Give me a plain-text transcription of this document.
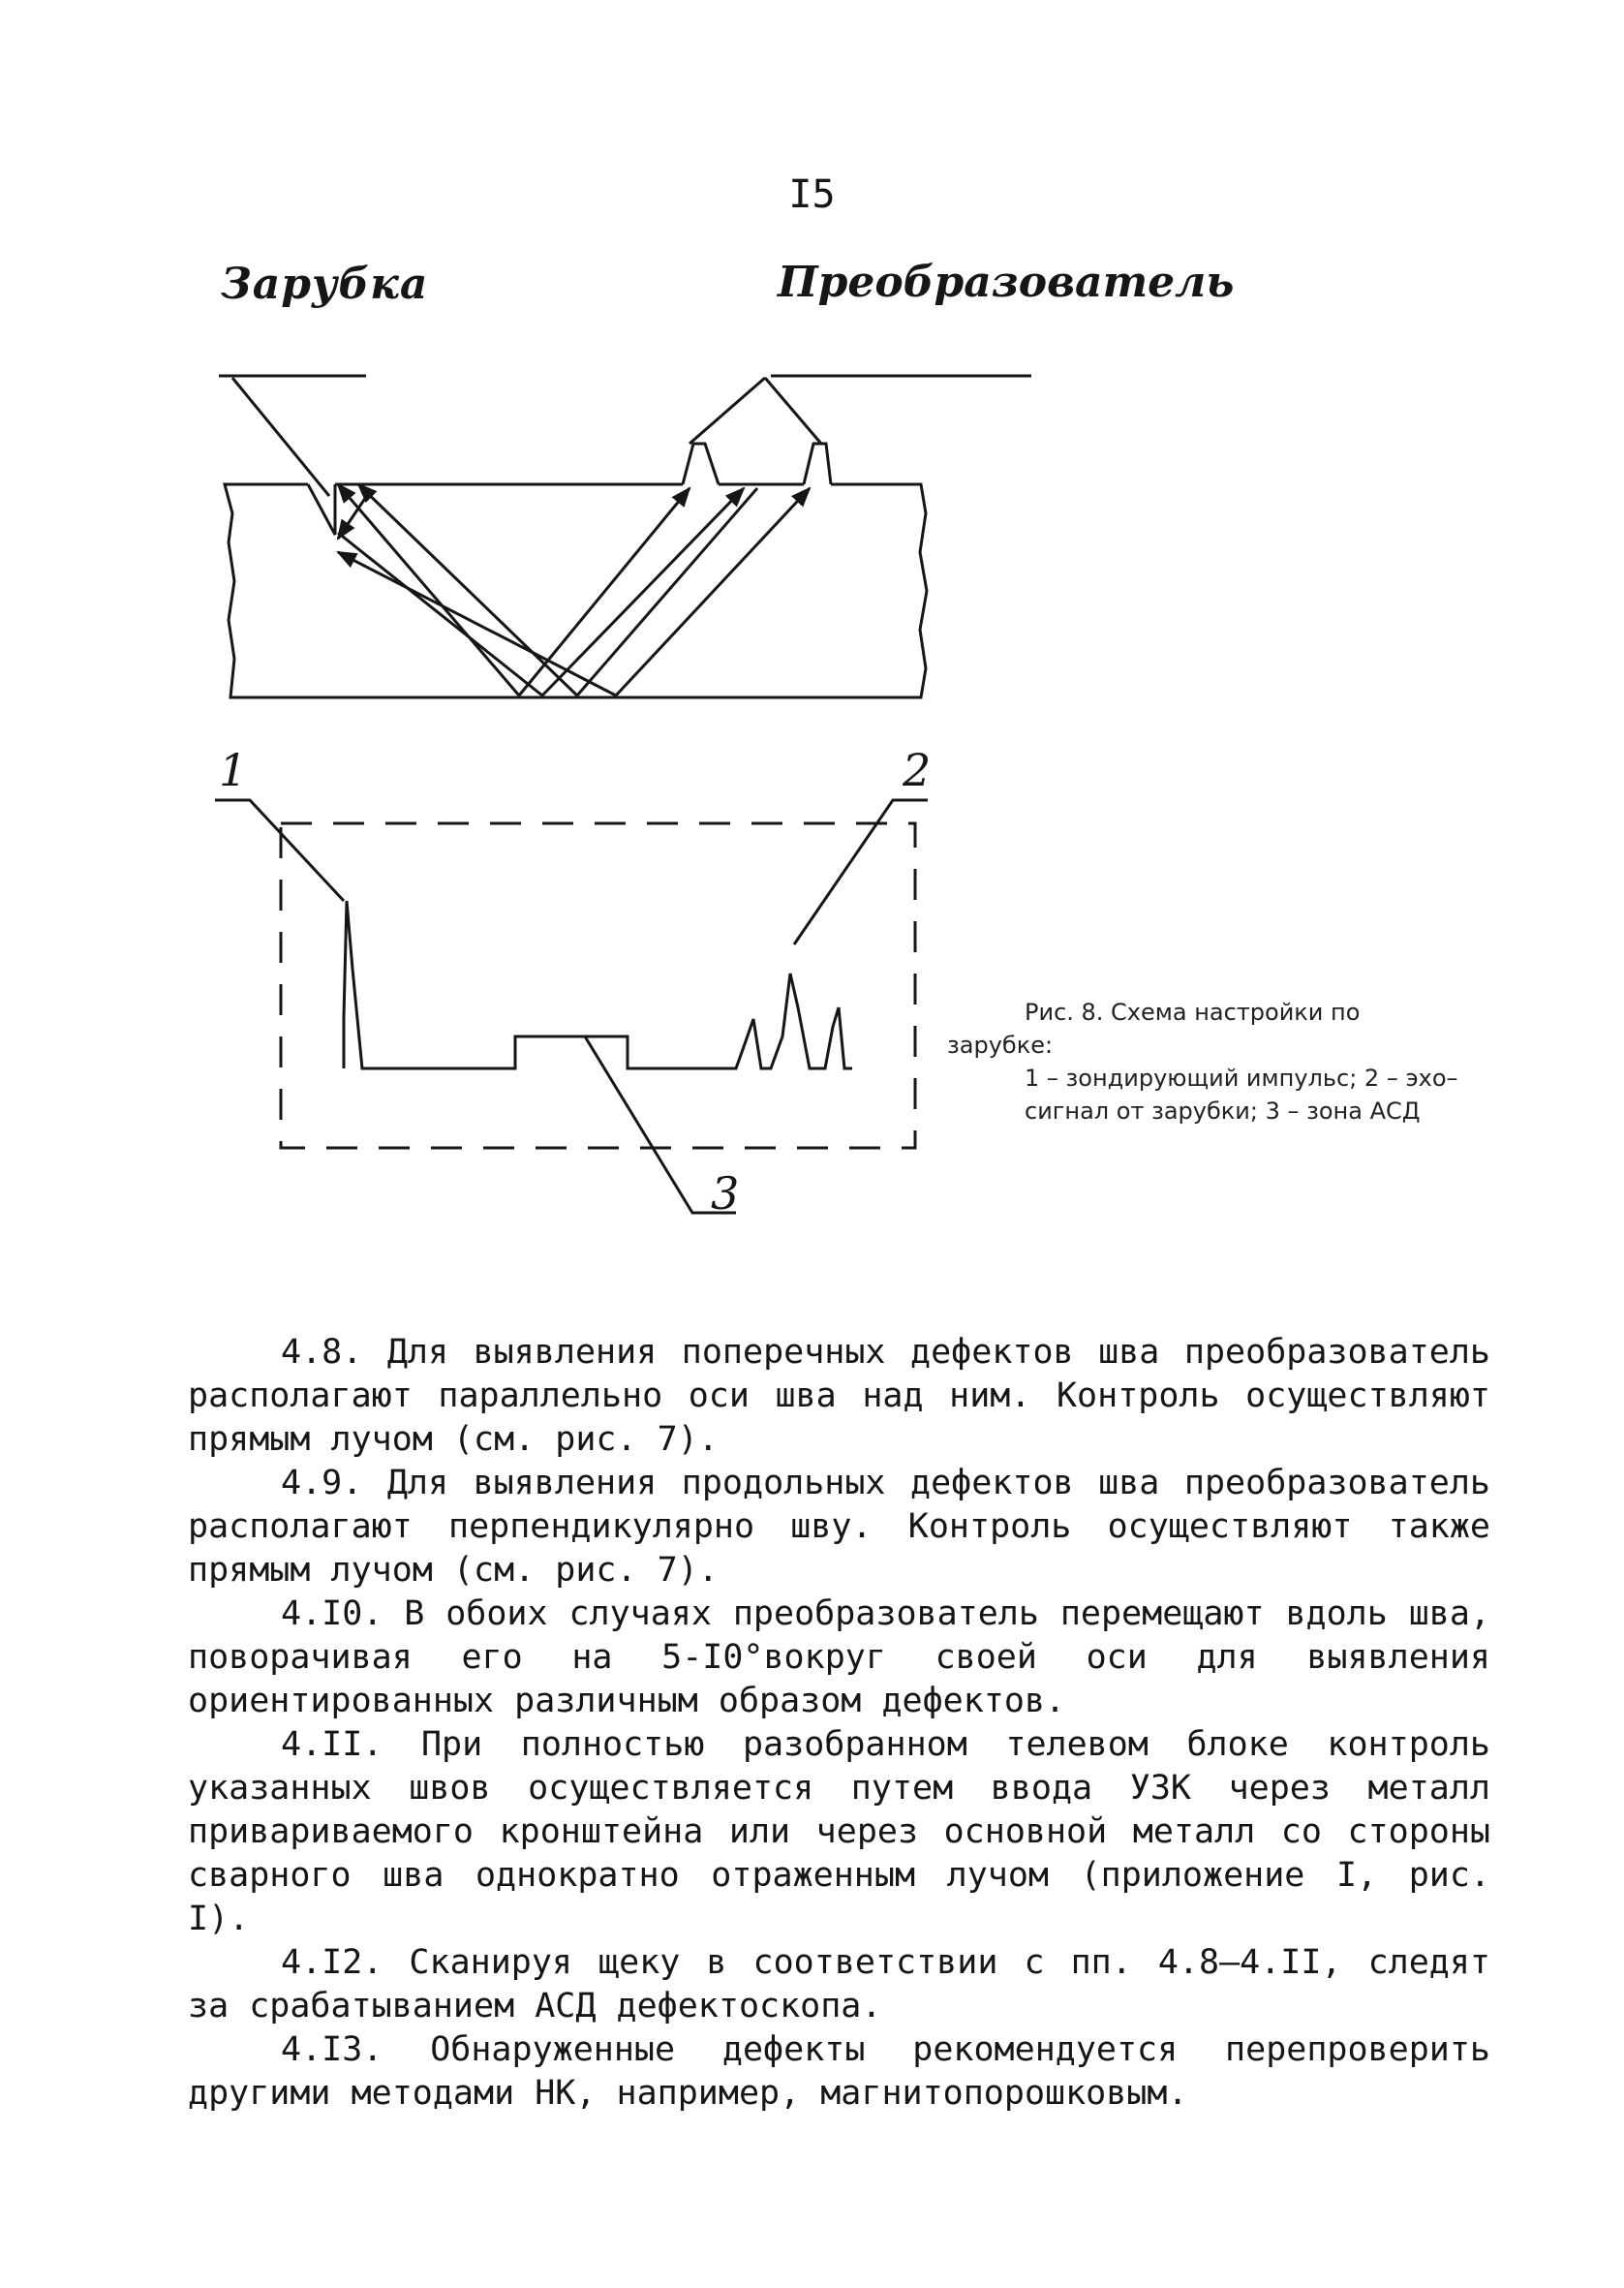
I5
Зарубка	Преобразователь
1	2
3
Рис. 8. Схема настройки по
зарубке:
1 – зондирующий импульс; 2 – эхо–сигнал от зарубки; 3 – зона АСД

4.8. Для выявления поперечных дефектов шва преобразователь располагают параллельно оси шва над ним. Контроль осуществляют прямым лучом (см. рис. 7).

4.9. Для выявления продольных дефектов шва преобразователь располагают перпендикулярно шву. Контроль осуществляют также прямым лучом (см. рис. 7).

4.I0. В обоих случаях преобразователь перемещают вдоль шва, поворачивая его на 5-I0°вокруг своей оси для выявления ориентированных различным образом дефектов.

4.II. При полностью разобранном телевом блоке контроль указанных швов осуществляется путем ввода УЗК через металл привариваемого кронштейна или через основной металл со стороны сварного шва однократно отраженным лучом (приложение I, рис. I).

4.I2. Сканируя щеку в соответствии с пп. 4.8–4.II, следят за срабатыванием АСД дефектоскопа.

4.I3. Обнаруженные дефекты рекомендуется перепроверить другими методами НК, например, магнитопорошковым.
